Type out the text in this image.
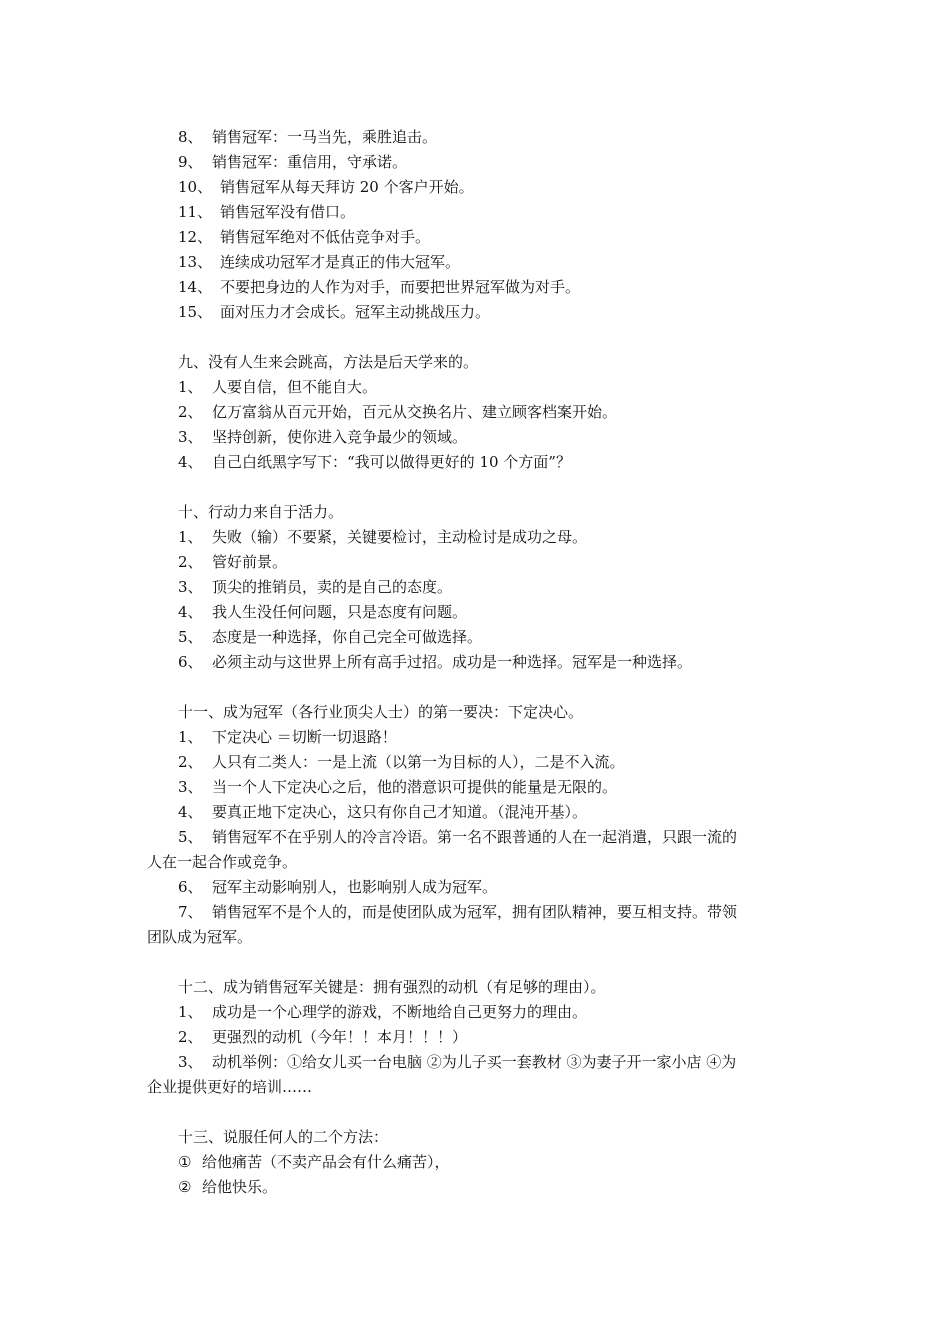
8、 销售冠军：一马当先，乘胜追击。
9、 销售冠军：重信用，守承诺。
10、 销售冠军从每天拜访 20 个客户开始。
11、 销售冠军没有借口。
12、 销售冠军绝对不低估竞争对手。
13、 连续成功冠军才是真正的伟大冠军。
14、 不要把身边的人作为对手，而要把世界冠军做为对手。
15、 面对压力才会成长。冠军主动挑战压力。
九、没有人生来会跳高，方法是后天学来的。
1、 人要自信，但不能自大。
2、 亿万富翁从百元开始，百元从交换名片、建立顾客档案开始。
3、 坚持创新，使你进入竞争最少的领域。
4、 自己白纸黑字写下：“我可以做得更好的 10 个方面”？
十、行动力来自于活力。
1、 失败（输）不要紧，关键要检讨，主动检讨是成功之母。
2、 管好前景。
3、 顶尖的推销员，卖的是自己的态度。
4、 我人生没任何问题，只是态度有问题。
5、 态度是一种选择，你自己完全可做选择。
6、 必须主动与这世界上所有高手过招。成功是一种选择。冠军是一种选择。
十一、成为冠军（各行业顶尖人士）的第一要决：下定决心。
1、 下定决心 ＝切断一切退路！
2、 人只有二类人：一是上流（以第一为目标的人），二是不入流。
3、 当一个人下定决心之后，他的潜意识可提供的能量是无限的。
4、 要真正地下定决心，这只有你自己才知道。（混沌开基）。
5、 销售冠军不在乎别人的冷言冷语。第一名不跟普通的人在一起消遣，只跟一流的
人在一起合作或竞争。
6、 冠军主动影响别人，也影响别人成为冠军。
7、 销售冠军不是个人的，而是使团队成为冠军，拥有团队精神，要互相支持。带领
团队成为冠军。
十二、成为销售冠军关键是：拥有强烈的动机（有足够的理由）。
1、 成功是一个心理学的游戏，不断地给自己更努力的理由。
2、 更强烈的动机（今年！！本月！！！）
3、 动机举例：①给女儿买一台电脑 ②为儿子买一套教材 ③为妻子开一家小店 ④为
企业提供更好的培训……
十三、说服任何人的二个方法：
① 给他痛苦（不卖产品会有什么痛苦），
② 给他快乐。
